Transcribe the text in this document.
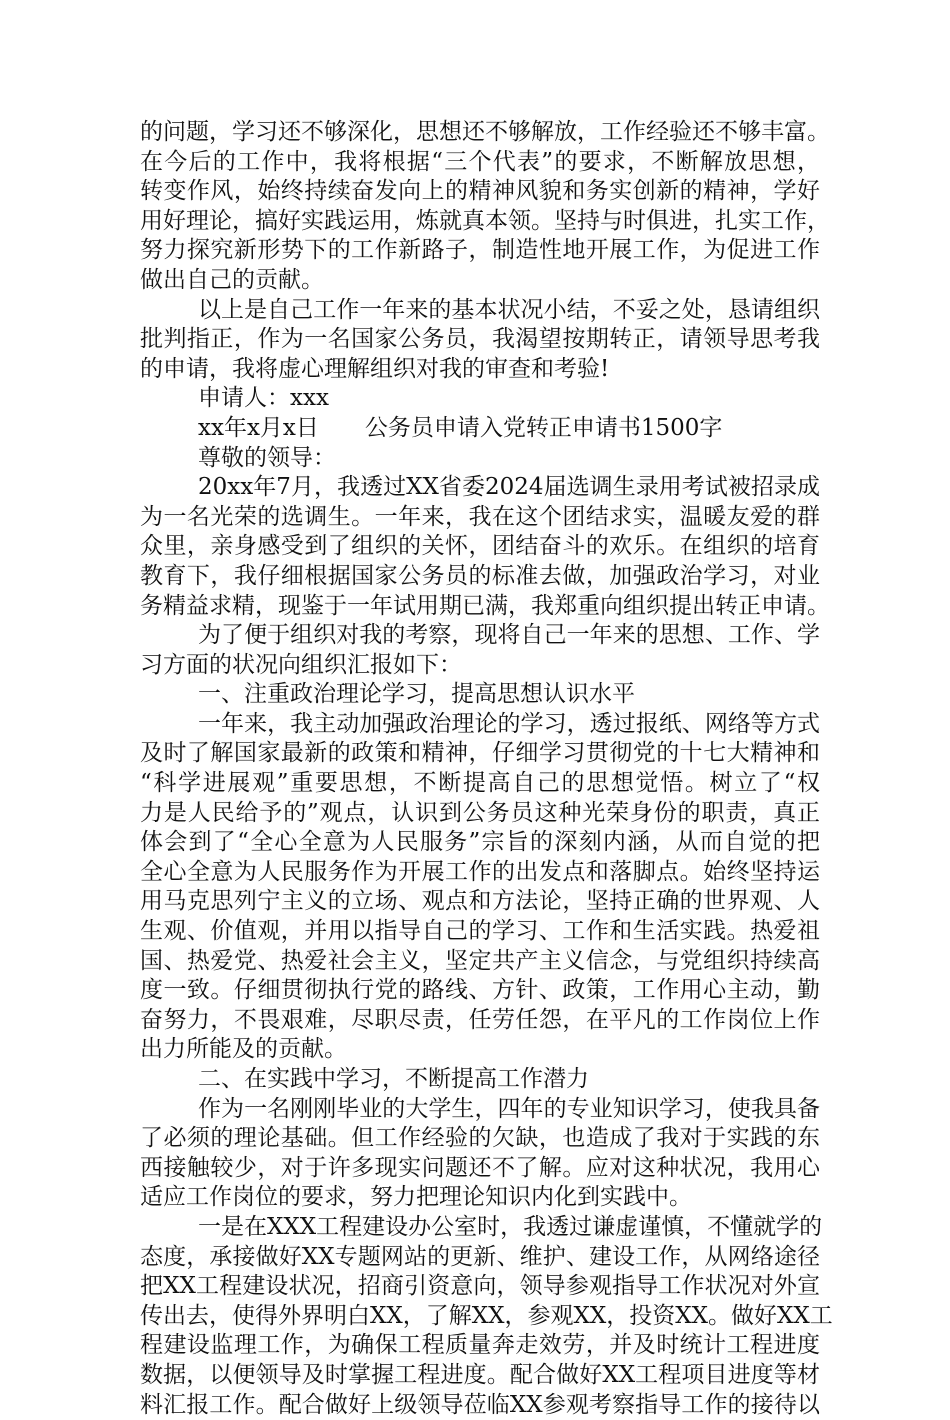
的问题，学习还不够深化，思想还不够解放，工作经验还不够丰富。
在今后的工作中，我将根据“三个代表”的要求，不断解放思想，
转变作风，始终持续奋发向上的精神风貌和务实创新的精神，学好
用好理论，搞好实践运用，炼就真本领。坚持与时俱进，扎实工作，
努力探究新形势下的工作新路子，制造性地开展工作，为促进工作
做出自己的贡献。
以上是自己工作一年来的基本状况小结，不妥之处，恳请组织
批判指正，作为一名国家公务员，我渴望按期转正，请领导思考我
的申请，我将虚心理解组织对我的审查和考验!
申请人：xxx
xx年x月x日　　公务员申请入党转正申请书1500字
尊敬的领导：
20xx年7月，我透过XX省委2024届选调生录用考试被招录成
为一名光荣的选调生。一年来，我在这个团结求实，温暖友爱的群
众里，亲身感受到了组织的关怀，团结奋斗的欢乐。在组织的培育
教育下，我仔细根据国家公务员的标准去做，加强政治学习，对业
务精益求精，现鉴于一年试用期已满，我郑重向组织提出转正申请。
为了便于组织对我的考察，现将自己一年来的思想、工作、学
习方面的状况向组织汇报如下：
一、注重政治理论学习，提高思想认识水平
一年来，我主动加强政治理论的学习，透过报纸、网络等方式
及时了解国家最新的政策和精神，仔细学习贯彻党的十七大精神和
“科学进展观”重要思想，不断提高自己的思想觉悟。树立了“权
力是人民给予的”观点，认识到公务员这种光荣身份的职责，真正
体会到了“全心全意为人民服务”宗旨的深刻内涵，从而自觉的把
全心全意为人民服务作为开展工作的出发点和落脚点。始终坚持运
用马克思列宁主义的立场、观点和方法论，坚持正确的世界观、人
生观、价值观，并用以指导自己的学习、工作和生活实践。热爱祖
国、热爱党、热爱社会主义，坚定共产主义信念，与党组织持续高
度一致。仔细贯彻执行党的路线、方针、政策，工作用心主动，勤
奋努力，不畏艰难，尽职尽责，任劳任怨，在平凡的工作岗位上作
出力所能及的贡献。
二、在实践中学习，不断提高工作潜力
作为一名刚刚毕业的大学生，四年的专业知识学习，使我具备
了必须的理论基础。但工作经验的欠缺，也造成了我对于实践的东
西接触较少，对于许多现实问题还不了解。应对这种状况，我用心
适应工作岗位的要求，努力把理论知识内化到实践中。
一是在XXX工程建设办公室时，我透过谦虚谨慎，不懂就学的
态度，承接做好XX专题网站的更新、维护、建设工作，从网络途径
把XX工程建设状况，招商引资意向，领导参观指导工作状况对外宣
传出去，使得外界明白XX，了解XX，参观XX，投资XX。做好XX工
程建设监理工作，为确保工程质量奔走效劳，并及时统计工程进度
数据，以便领导及时掌握工程进度。配合做好XX工程项目进度等材
料汇报工作。配合做好上级领导莅临XX参观考察指导工作的接待以
